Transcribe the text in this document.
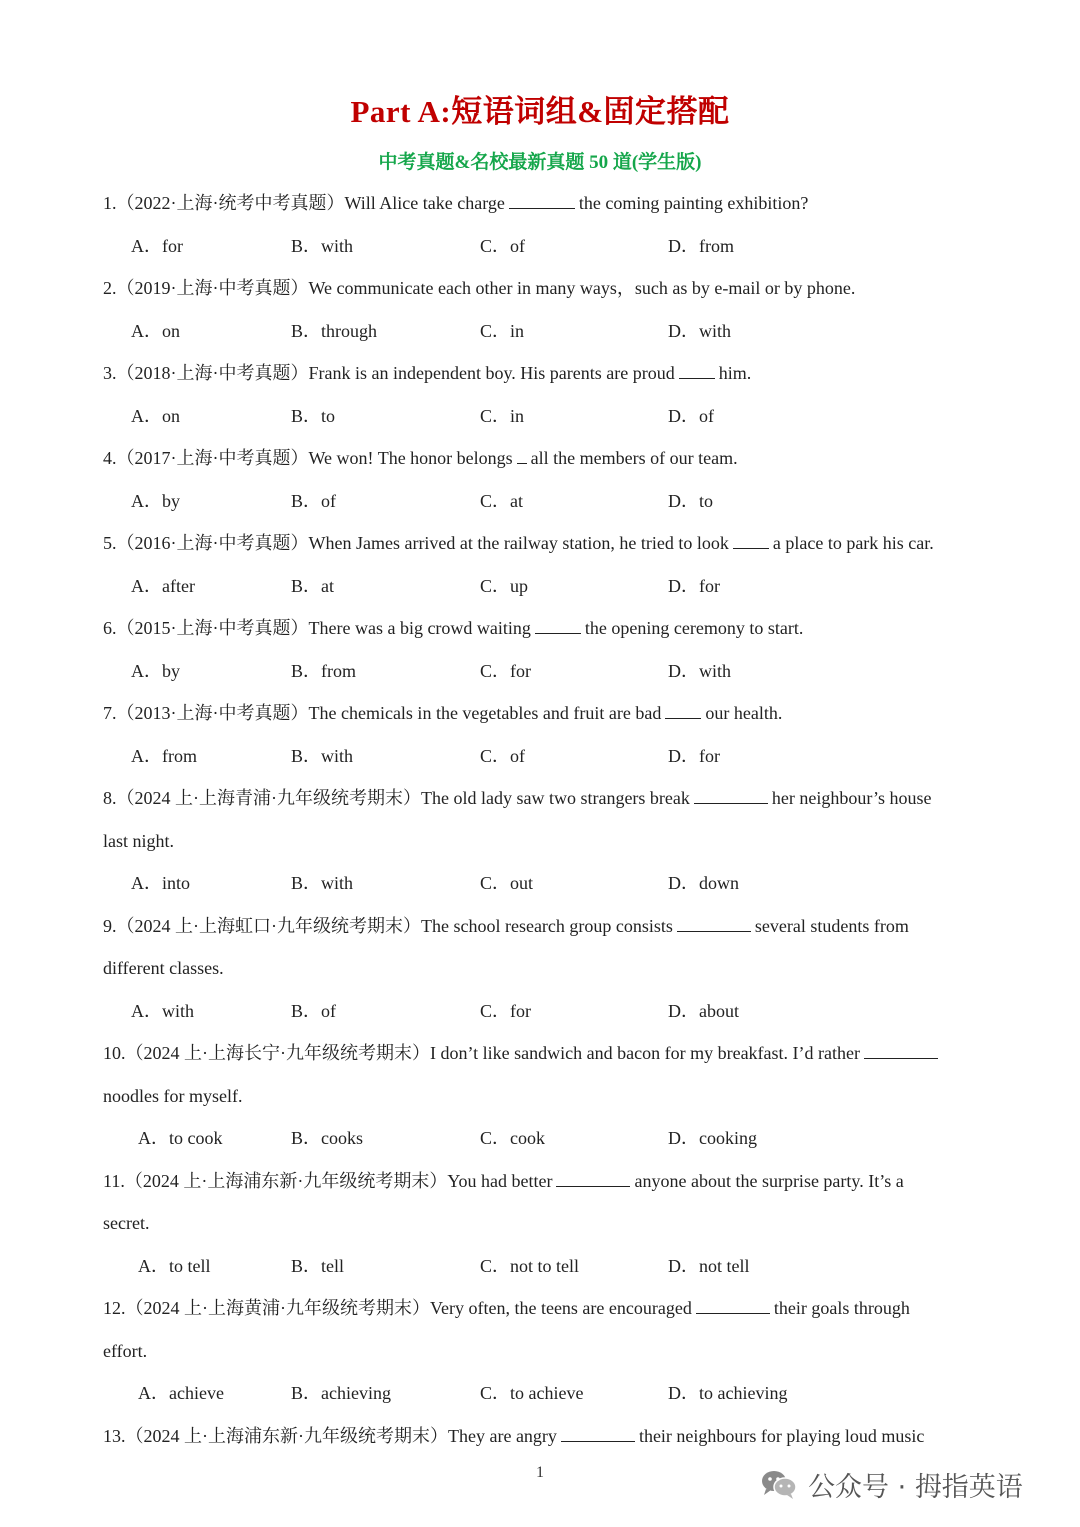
Part A:短语词组&固定搭配
中考真题&名校最新真题 50 道(学生版)
1.（2022·上海·统考中考真题）Will Alice take charge	the coming painting exhibition?
A．for	B．with	C．of	D．from
2.（2019·上海·中考真题）We communicate each other in many ways，such as by e-mail or by phone.
A．on	B．through	C．in	D．with
3.（2018·上海·中考真题）Frank is an independent boy. His parents are proud him.
A．on	B．to	C．in	D．of
4.（2017·上海·中考真题）We won! The honor belongs all the members of our team.
A．by	B．of	C．at	D．to
5.（2016·上海·中考真题）When James arrived at the railway station, he tried to look a place to park his car.
A．after	B．at	C．up	D．for
6.（2015·上海·中考真题）There was a big crowd waiting	the opening ceremony to start.
A．by	B．from	C．for	D．with
7.（2013·上海·中考真题）The chemicals in the vegetables and fruit are bad our health.
A．from	B．with	C．of	D．for
8.（2024 上·上海青浦·九年级统考期末）The old lady saw two strangers break	her neighbour’s house
last night.
A．into	B．with	C．out	D．down
9.（2024 上·上海虹口·九年级统考期末）The school research group consists	several students from
different classes.
A．with	B．of	C．for	D．about
10.（2024 上·上海长宁·九年级统考期末）I don’t like sandwich and bacon for my breakfast. I’d rather
noodles for myself.
A．to cook	B．cooks	C．cook	D．cooking
11.（2024 上·上海浦东新·九年级统考期末）You had better	anyone about the surprise party. It’s a
secret.
A．to tell	B．tell	C．not to tell	D．not tell
12.（2024 上·上海黄浦·九年级统考期末）Very often, the teens are encouraged	their goals through
effort.
A．achieve	B．achieving	C．to achieve	D．to achieving
13.（2024 上·上海浦东新·九年级统考期末）They are angry	their neighbours for playing loud music
1	公众号 · 拇指英语
